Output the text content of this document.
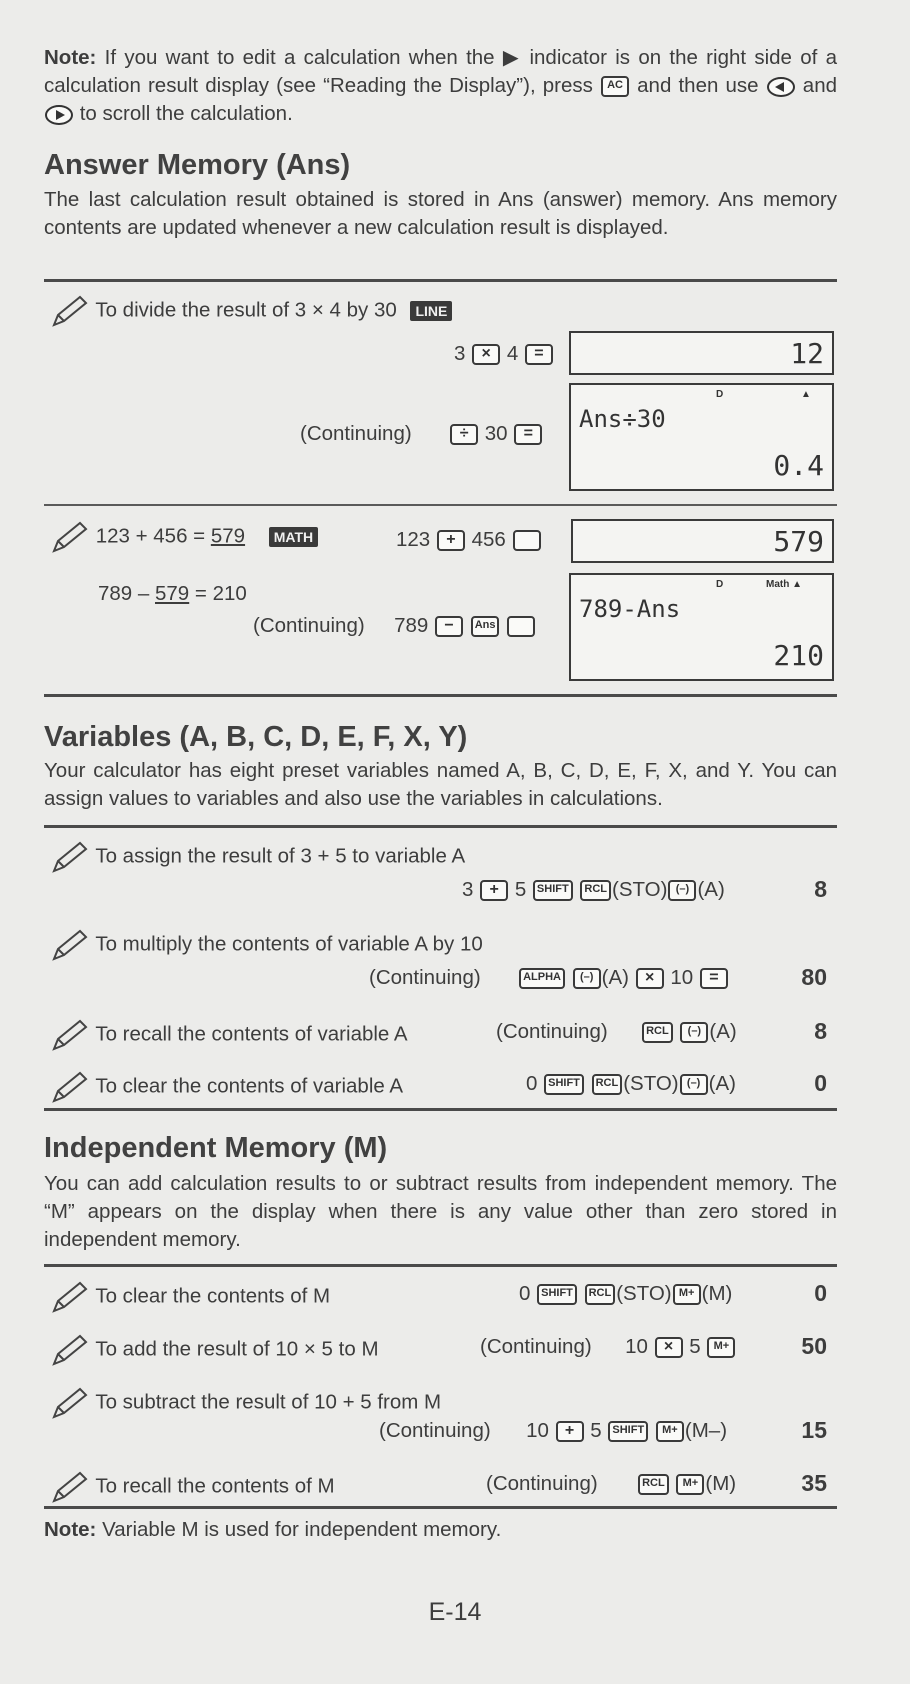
Note: If you want to edit a calculation when the ▶ indicator is on the right side of a calculation result display (see “Reading the Display”), press AC and then use  and  to scroll the calculation.

Answer Memory (Ans)

The last calculation result obtained is stored in Ans (answer) memory. Ans memory contents are updated whenever a new calculation result is displayed.

To divide the result of 3 × 4 by 30 LINE
3 × 4 =	12
(Continuing)	÷ 30 =
D	▲
Ans÷30
0.4
123 + 456 = 579 MATH	123 + 456	579
789 – 579 = 210
(Continuing) 789 − Ans
D	Math ▲
789-Ans
210
Variables (A, B, C, D, E, F, X, Y)

Your calculator has eight preset variables named A, B, C, D, E, F, X, and Y. You can assign values to variables and also use the variables in calculations.

To assign the result of 3 + 5 to variable A
3 + 5 SHIFT RCL (STO) (–) (A)	8
To multiply the contents of variable A by 10
(Continuing)	ALPHA (–) (A) × 10 =	80
To recall the contents of variable A	(Continuing)	RCL (–) (A)	8
To clear the contents of variable A	0 SHIFT RCL (STO) (–) (A)	0
Independent Memory (M)

You can add calculation results to or subtract results from independent memory. The “M” appears on the display when there is any value other than zero stored in independent memory.

To clear the contents of M	0 SHIFT RCL (STO) M+ (M)	0
To add the result of 10 × 5 to M	(Continuing) 10 × 5 M+	50
To subtract the result of 10 + 5 from M
(Continuing) 10 + 5 SHIFT M+ (M–)	15
To recall the contents of M	(Continuing)	RCL M+ (M)	35

Note: Variable M is used for independent memory.

E-14
